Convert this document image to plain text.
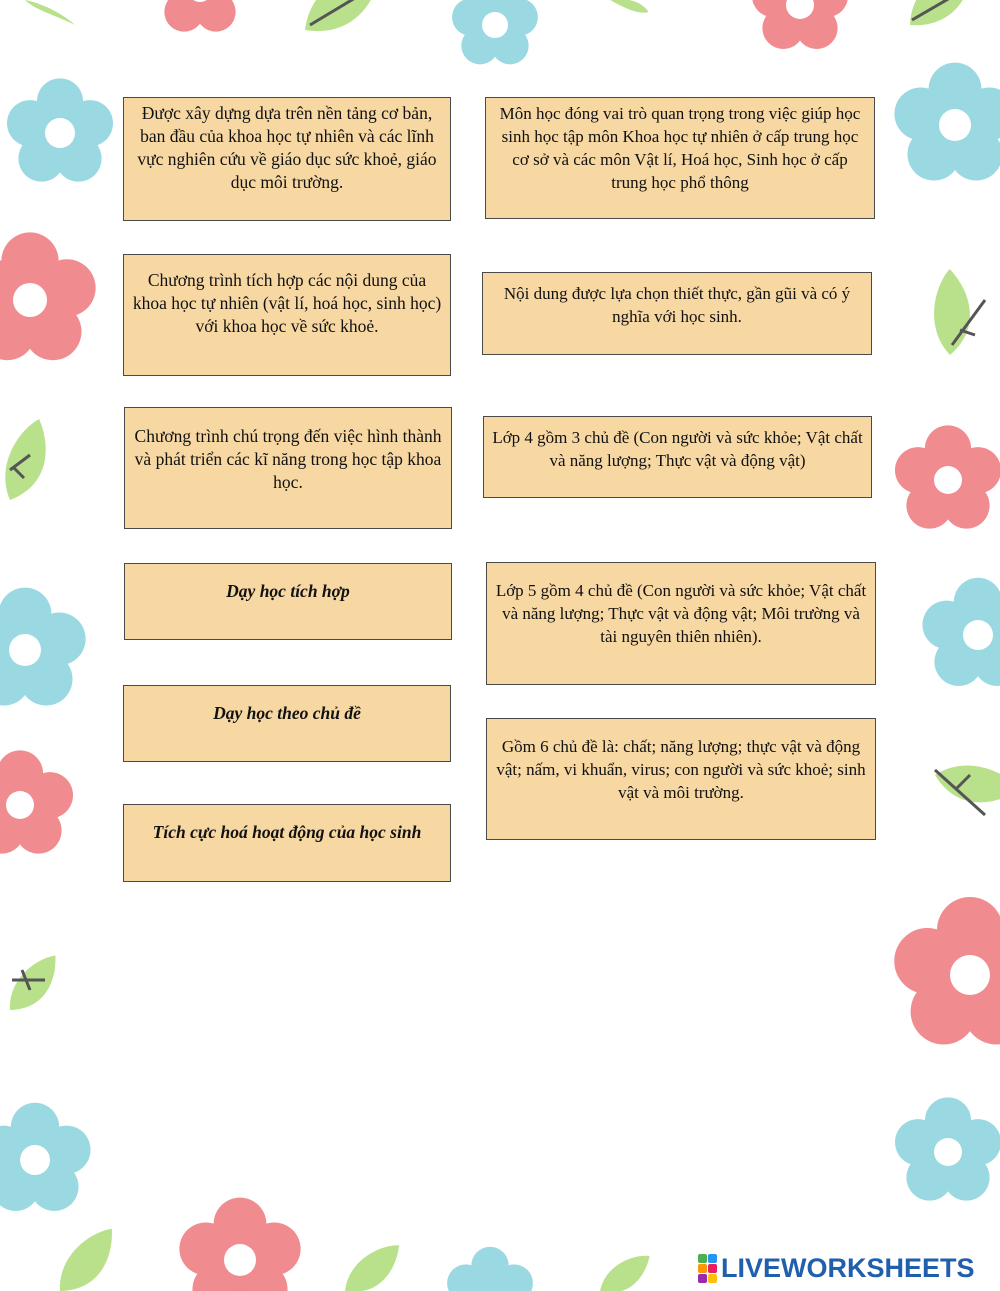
Được xây dựng dựa trên nền tảng cơ bản, ban đầu của khoa học tự nhiên và các lĩnh vực nghiên cứu về giáo dục sức khoẻ, giáo dục môi trường.
Chương trình tích hợp các nội dung của khoa học tự nhiên (vật lí, hoá học, sinh học) với khoa học về sức khoẻ.
Chương trình chú trọng đến việc hình thành và phát triển các kĩ năng trong học tập khoa học.
Dạy học tích hợp
Dạy học theo chủ đề
Tích cực hoá hoạt động của học sinh
Môn học đóng vai trò quan trọng trong việc giúp học sinh học tập môn Khoa học tự nhiên ở cấp trung học cơ sở và các môn Vật lí, Hoá học, Sinh học ở cấp trung học phổ thông
Nội dung được lựa chọn thiết thực, gần gũi và có ý nghĩa với học sinh.
Lớp 4 gồm 3 chủ đề (Con người và sức khỏe; Vật chất và năng lượng; Thực vật và động vật)
Lớp 5 gồm 4 chủ đề (Con người và sức khỏe; Vật chất và năng lượng; Thực vật và động vật; Môi trường và tài nguyên thiên nhiên).
Gồm 6 chủ đề là: chất; năng lượng; thực vật và động vật; nấm, vi khuẩn, virus; con người và sức khoẻ; sinh vật và môi trường.
LIVEWORKSHEETS
